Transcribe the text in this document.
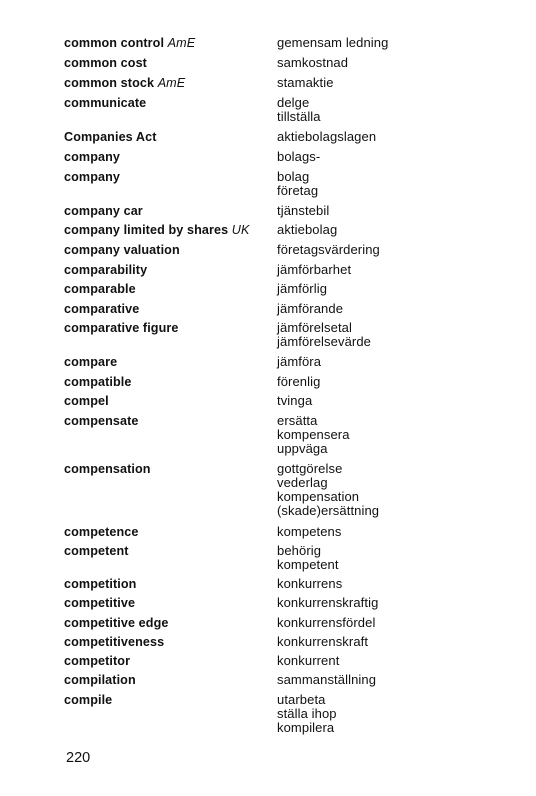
common control AmE	gemensam ledning
common cost	samkostnad
common stock AmE	stamaktie
communicate	delge
tillställa
Companies Act	aktiebolagslagen
company	bolags-
company	bolag
företag
company car	tjänstebil
company limited by shares UK	aktiebolag
company valuation	företagsvärdering
comparability	jämförbarhet
comparable	jämförlig
comparative	jämförande
comparative figure	jämförelsetal
jämförelsevärde
compare	jämföra
compatible	förenlig
compel	tvinga
compensate	ersätta
kompensera
uppväga
compensation	gottgörelse
vederlag
kompensation
(skade)ersättning
competence	kompetens
competent	behörig
kompetent
competition	konkurrens
competitive	konkurrenskraftig
competitive edge	konkurrensfördel
competitiveness	konkurrenskraft
competitor	konkurrent
compilation	sammanställning
compile	utarbeta
ställa ihop
kompilera
220
